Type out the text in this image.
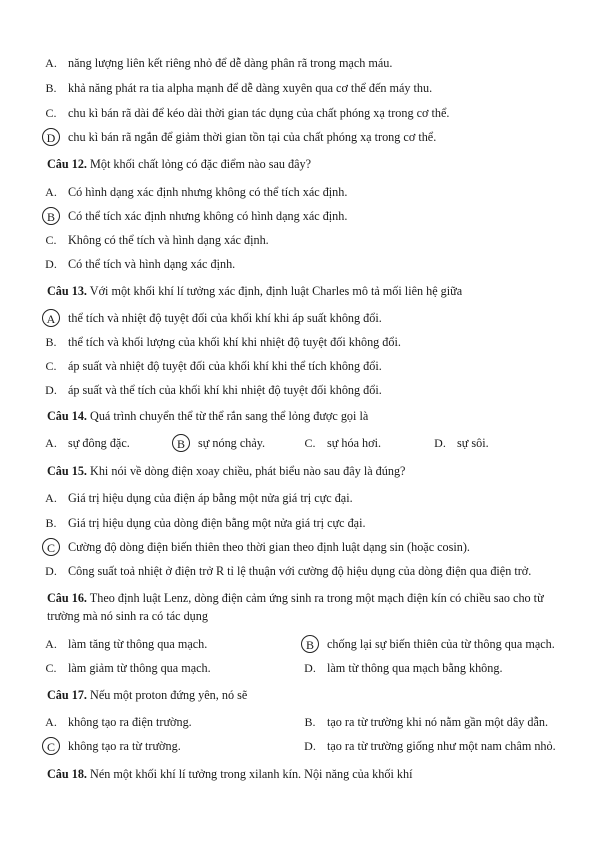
A. năng lượng liên kết riêng nhỏ để dễ dàng phân rã trong mạch máu.
B. khả năng phát ra tia alpha mạnh để dễ dàng xuyên qua cơ thể đến máy thu.
C. chu kì bán rã dài để kéo dài thời gian tác dụng của chất phóng xạ trong cơ thể.
D	chu kì bán rã ngắn để giảm thời gian tồn tại của chất phóng xạ trong cơ thể.
Câu 12. Một khối chất lỏng có đặc điểm nào sau đây?
A. Có hình dạng xác định nhưng không có thể tích xác định.
B	Có thể tích xác định nhưng không có hình dạng xác định.
C. Không có thể tích và hình dạng xác định.
D. Có thể tích và hình dạng xác định.
Câu 13. Với một khối khí lí tưởng xác định, định luật Charles mô tả mối liên hệ giữa
A	thể tích và nhiệt độ tuyệt đối của khối khí khi áp suất không đổi.
B. thể tích và khối lượng của khối khí khi nhiệt độ tuyệt đối không đổi.
C. áp suất và nhiệt độ tuyệt đối của khối khí khi thể tích không đổi.
D. áp suất và thể tích của khối khí khi nhiệt độ tuyệt đối không đổi.
Câu 14. Quá trình chuyển thể từ thể rắn sang thể lỏng được gọi là
A. sự đông đặc.	B	sự nóng chảy.	C. sự hóa hơi.	D. sự sôi.
Câu 15. Khi nói về dòng điện xoay chiều, phát biểu nào sau đây là đúng?
A. Giá trị hiệu dụng của điện áp bằng một nửa giá trị cực đại.
B. Giá trị hiệu dụng của dòng điện bằng một nửa giá trị cực đại.
C	Cường độ dòng điện biến thiên theo thời gian theo định luật dạng sin (hoặc cosin).
D. Công suất toả nhiệt ở điện trở R tỉ lệ thuận với cường độ hiệu dụng của dòng điện qua điện trở.
Câu 16. Theo định luật Lenz, dòng điện cảm ứng sinh ra trong một mạch điện kín có chiều sao cho từ trường mà nó sinh ra có tác dụng
A. làm tăng từ thông qua mạch.	B	chống lại sự biến thiên của từ thông qua mạch.
C. làm giảm từ thông qua mạch.	D. làm từ thông qua mạch bằng không.
Câu 17. Nếu một proton đứng yên, nó sẽ
A. không tạo ra điện trường.	B. tạo ra từ trường khi nó nằm gần một dây dẫn.
C	không tạo ra từ trường.	D. tạo ra từ trường giống như một nam châm nhỏ.
Câu 18. Nén một khối khí lí tưởng trong xilanh kín. Nội năng của khối khí
